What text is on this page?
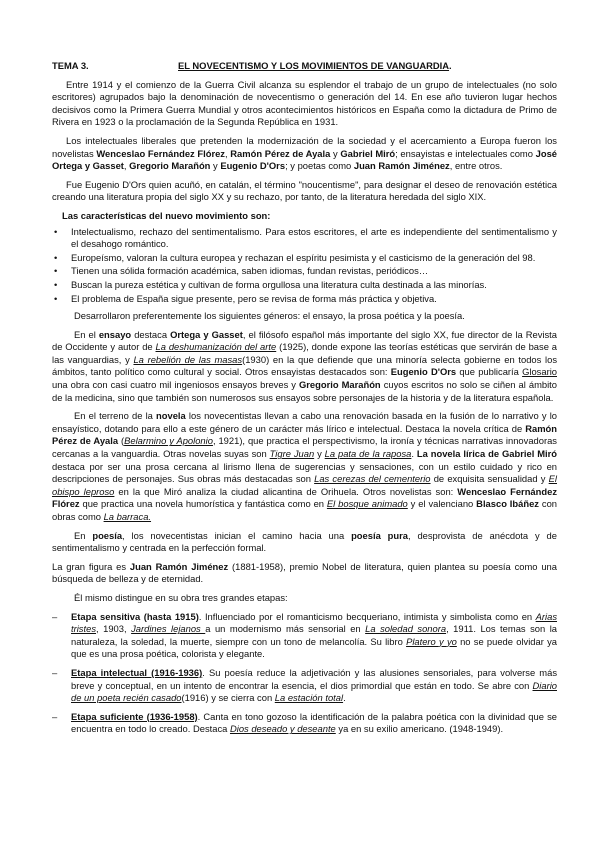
TEMA 3.	EL NOVECENTISMO Y LOS MOVIMIENTOS DE VANGUARDIA.

Entre 1914 y el comienzo de la Guerra Civil alcanza su esplendor el trabajo de un grupo de intelectuales (no solo escritores) agrupados bajo la denominación de novecentismo o generación del 14. En ese año tuvieron lugar hechos decisivos como la Primera Guerra Mundial y otros acontecimientos históricos en España como la dictadura de Primo de Rivera en 1923 o la proclamación de la Segunda República en 1931.

Los intelectuales liberales que pretenden la modernización de la sociedad y el acercamiento a Europa fueron los novelistas Wenceslao Fernández Flórez, Ramón Pérez de Ayala y Gabriel Miró; ensayistas e intelectuales como José Ortega y Gasset, Gregorio Marañón y Eugenio D'Ors; y poetas como Juan Ramón Jiménez, entre otros.

Fue Eugenio D'Ors quien acuñó, en catalán, el término "noucentisme", para designar el deseo de renovación estética creando una literatura propia del siglo XX y su rechazo, por tanto, de la literatura heredada del siglo XIX.

Las características del nuevo movimiento son:
• Intelectualismo, rechazo del sentimentalismo. Para estos escritores, el arte es independiente del sentimentalismo y el desahogo romántico.
• Europeísmo, valoran la cultura europea y rechazan el espíritu pesimista y el casticismo de la generación del 98.
• Tienen una sólida formación académica, saben idiomas, fundan revistas, periódicos…
• Buscan la pureza estética y cultivan de forma orgullosa una literatura culta destinada a las minorías.
• El problema de España sigue presente, pero se revisa de forma más práctica y objetiva.

Desarrollaron preferentemente los siguientes géneros: el ensayo, la prosa poética y la poesía.

En el ensayo destaca Ortega y Gasset, el filósofo español más importante del siglo XX, fue director de la Revista de Occidente y autor de La deshumanización del arte (1925), donde expone las teorías estéticas que servirán de base a las vanguardias, y La rebelión de las masas(1930) en la que defiende que una minoría selecta gobierne en todos los ámbitos, tanto político como cultural y social. Otros ensayistas destacados son: Eugenio D'Ors que publicaría Glosario una obra con casi cuatro mil ingeniosos ensayos breves y Gregorio Marañón cuyos escritos no solo se ciñen al ámbito de la medicina, sino que también son numerosos sus ensayos sobre personajes de la historia y de la literatura española.

En el terreno de la novela los novecentistas llevan a cabo una renovación basada en la fusión de lo narrativo y lo ensayístico, dotando para ello a este género de un carácter más lírico e intelectual. Destaca la novela crítica de Ramón Pérez de Ayala (Belarmino y Apolonio, 1921), que practica el perspectivismo, la ironía y técnicas narrativas innovadoras cercanas a la vanguardia. Otras novelas suyas son Tigre Juan y La pata de la raposa. La novela lírica de Gabriel Miró destaca por ser una prosa cercana al lirismo llena de sugerencias y sensaciones, con un estilo cuidado y rico en descripciones de personajes. Sus obras más destacadas son Las cerezas del cementerio de exquisita sensualidad y El obispo leproso en la que Miró analiza la ciudad alicantina de Orihuela. Otros novelistas son: Wenceslao Fernández Flórez que practica una novela humorística y fantástica como en El bosque animado y el valenciano Blasco Ibáñez con obras como La barraca.

En poesía, los novecentistas inician el camino hacia una poesía pura, desprovista de anécdota y de sentimentalismo y centrada en la perfección formal.

La gran figura es Juan Ramón Jiménez (1881-1958), premio Nobel de literatura, quien plantea su poesía como una búsqueda de belleza y de eternidad.

Él mismo distingue en su obra tres grandes etapas:

– Etapa sensitiva (hasta 1915). Influenciado por el romanticismo becqueriano, intimista y simbolista como en Arias tristes, 1903, Jardines lejanos a un modernismo más sensorial en La soledad sonora, 1911. Los temas son la naturaleza, la soledad, la muerte, siempre con un tono de melancolía. Su libro Platero y yo no se puede olvidar ya que es una prosa poética, colorista y elegante.
– Etapa intelectual (1916-1936). Su poesía reduce la adjetivación y las alusiones sensoriales, para volverse más breve y conceptual, en un intento de encontrar la esencia, el dios primordial que están en todo. Se abre con Diario de un poeta recién casado(1916) y se cierra con La estación total.
– Etapa suficiente (1936-1958). Canta en tono gozoso la identificación de la palabra poética con la divinidad que se encuentra en todo lo creado. Destaca Dios deseado y deseante ya en su exilio americano. (1948-1949).
